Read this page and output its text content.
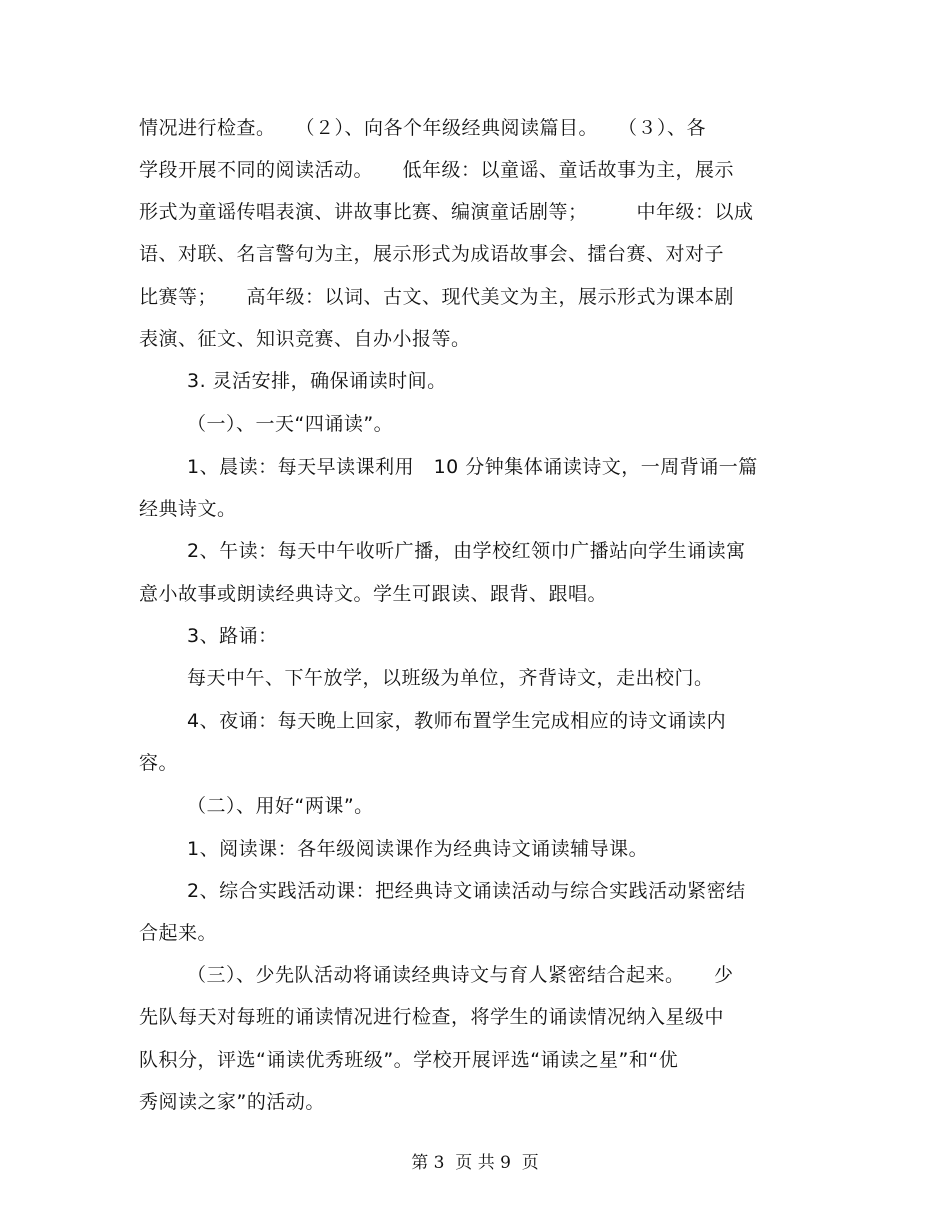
情况进行检查。　　（２）、向各个年级经典阅读篇目。　　（３）、各
学段开展不同的阅读活动。　　低年级：以童谣、童话故事为主，展示
形式为童谣传唱表演、讲故事比赛、编演童话剧等；　　　中年级：以成
语、对联、名言警句为主，展示形式为成语故事会、擂台赛、对对子
比赛等；　　高年级：以词、古文、现代美文为主，展示形式为课本剧
表演、征文、知识竞赛、自办小报等。
3. 灵活安排，确保诵读时间。
（一）、一天“四诵读”。
1、晨读：每天早读课利用　10 分钟集体诵读诗文，一周背诵一篇
经典诗文。
2、午读：每天中午收听广播，由学校红领巾广播站向学生诵读寓
意小故事或朗读经典诗文。学生可跟读、跟背、跟唱。
3、路诵：
每天中午、下午放学，以班级为单位，齐背诗文，走出校门。
4、夜诵：每天晚上回家，教师布置学生完成相应的诗文诵读内
容。
（二）、用好“两课”。
1、阅读课：各年级阅读课作为经典诗文诵读辅导课。
2、综合实践活动课：把经典诗文诵读活动与综合实践活动紧密结
合起来。
（三）、少先队活动将诵读经典诗文与育人紧密结合起来。　　少
先队每天对每班的诵读情况进行检查，将学生的诵读情况纳入星级中
队积分，评选“诵读优秀班级”。学校开展评选“诵读之星”和“优
秀阅读之家”的活动。
第 3  页 共 9  页
